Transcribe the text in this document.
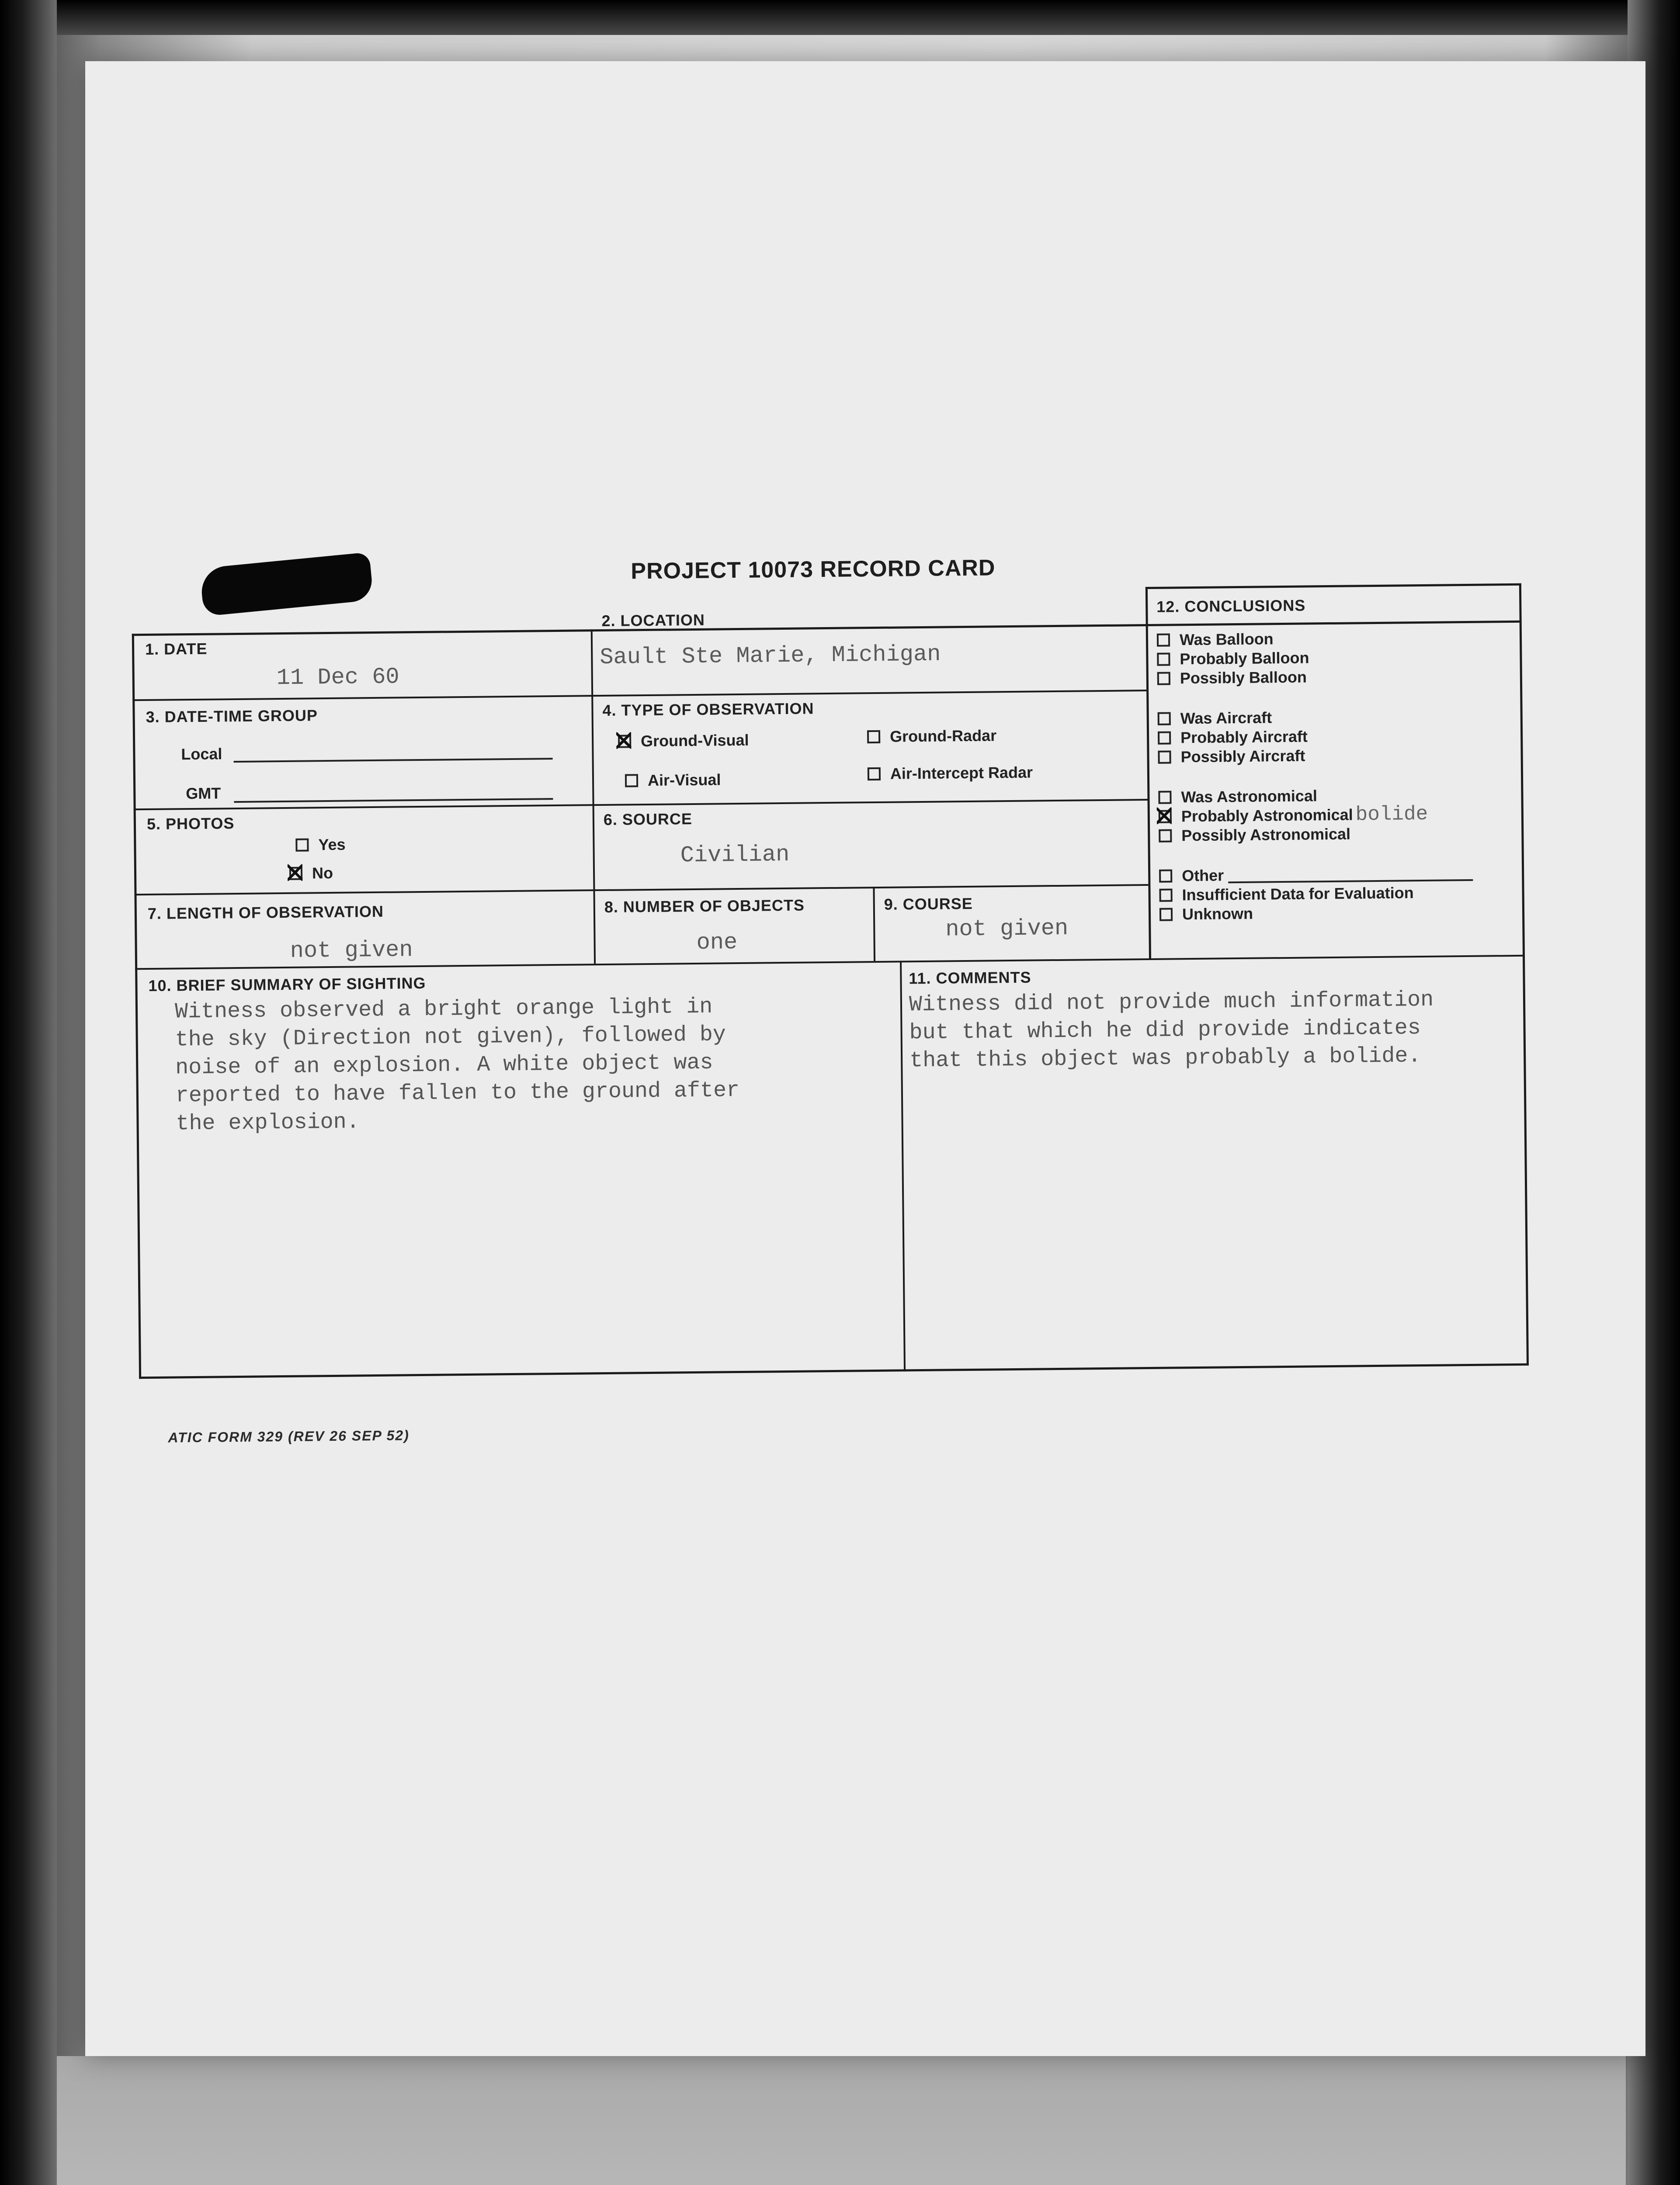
PROJECT 10073 RECORD CARD
1. DATE
11 Dec 60
2. LOCATION
Sault Ste Marie, Michigan
3. DATE-TIME GROUP
Local
GMT
4. TYPE OF OBSERVATION
Ground-Visual	Ground-Radar
Air-Visual	Air-Intercept Radar
5. PHOTOS
Yes
No
6. SOURCE
Civilian
7. LENGTH OF OBSERVATION
not given
8. NUMBER OF OBJECTS
one
9. COURSE
not given
10. BRIEF SUMMARY OF SIGHTING
Witness observed a bright orange light in
the sky (Direction not given), followed by
noise of an explosion. A white object was
reported to have fallen to the ground after
the explosion.
11. COMMENTS
Witness did not provide much information
but that which he did provide indicates
that this object was probably a bolide.
12. CONCLUSIONS
Was Balloon
Probably Balloon
Possibly Balloon
Was Aircraft
Probably Aircraft
Possibly Aircraft
Was Astronomical
Probably Astronomical bolide
Possibly Astronomical
Other
Insufficient Data for Evaluation
Unknown
ATIC FORM 329 (REV 26 SEP 52)
